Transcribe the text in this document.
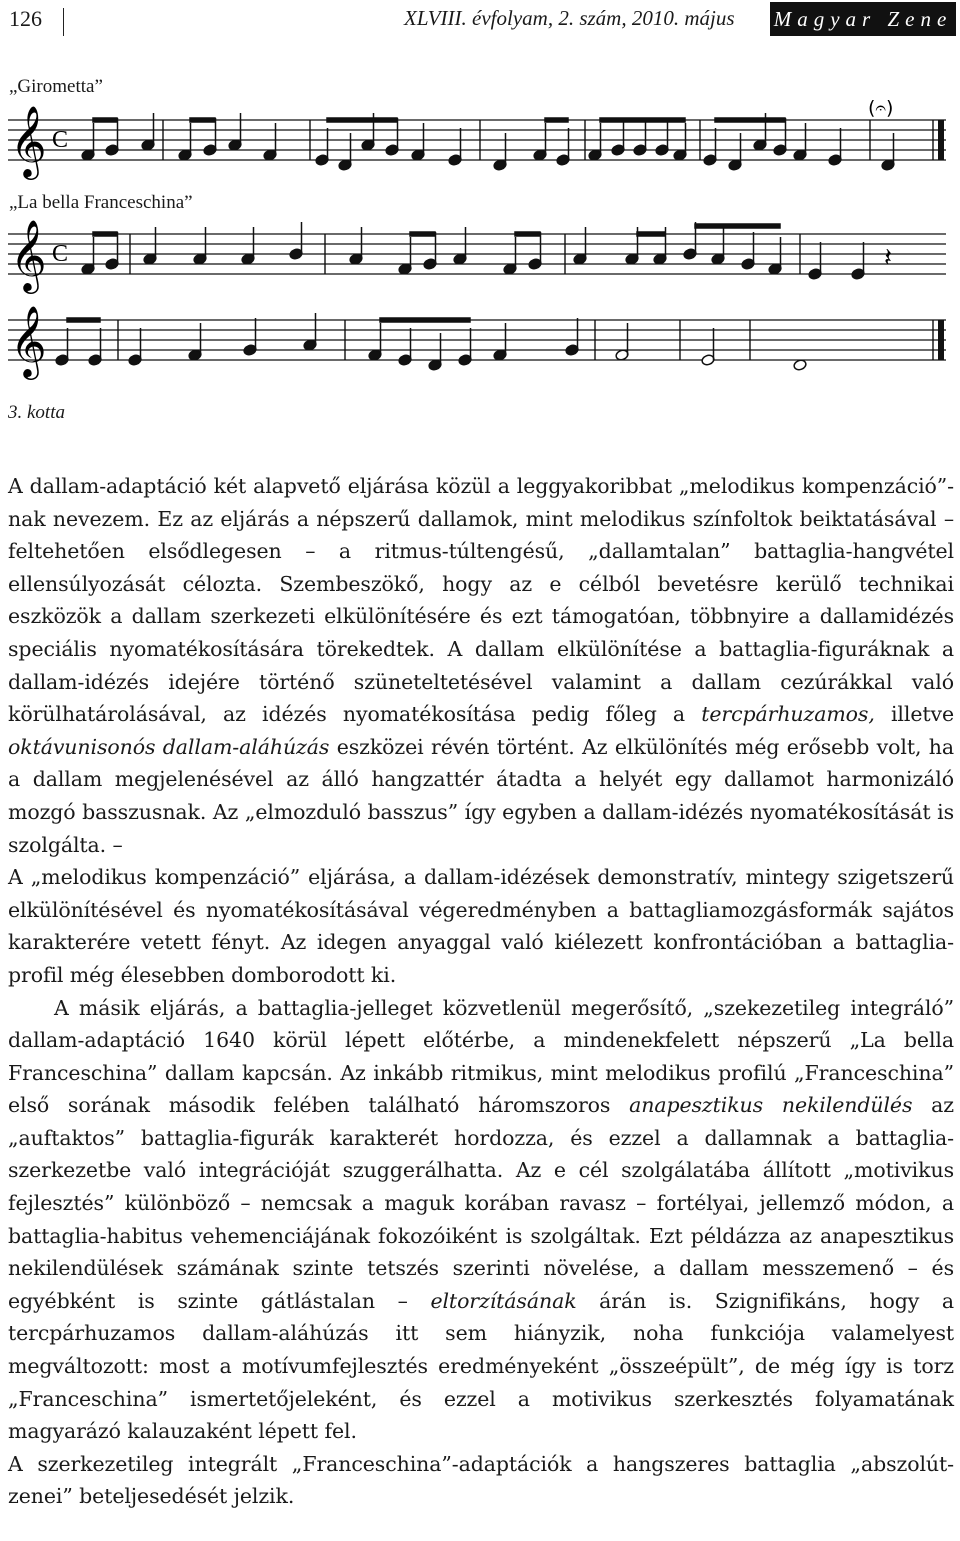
126	XLVIII. évfolyam, 2. szám, 2010. május Magyar Zene
„Girometta”
𝄞 C
(𝄐)
„La bella Franceschina”
𝄞 C	𝄽
𝄞
3. kotta

A dallam-adaptáció két alapvető eljárása közül a leggyakoribbat „melodikus kompenzáció”-nak nevezem. Ez az eljárás a népszerű dallamok, mint melodikus színfoltok beiktatásával – feltehetően elsődlegesen – a ritmus-túltengésű, „dallamtalan” battaglia-hangvétel ellensúlyozását célozta. Szembeszökő, hogy az e célból bevetésre kerülő technikai eszközök a dallam szerkezeti elkülönítésére és ezt támogatóan, többnyire a dallamidézés speciális nyomatékosítására törekedtek. A dallam elkülönítése a battaglia-figuráknak a dallam-idézés idejére történő szüneteltetésével valamint a dallam cezúrákkal való körülhatárolásával, az idézés nyomatékosítása pedig főleg a tercpárhuzamos, illetve oktávunisonós dallam-aláhúzás eszközei révén történt. Az elkülönítés még erősebb volt, ha a dallam megjelenésével az álló hangzattér átadta a helyét egy dallamot harmonizáló mozgó basszusnak. Az „elmozduló basszus” így egyben a dallam-idézés nyomatékosítását is szolgálta. –

A „melodikus kompenzáció” eljárása, a dallam-idézések demonstratív, mintegy szigetszerű elkülönítésével és nyomatékosításával végeredményben a battagliamozgásformák sajátos karakterére vetett fényt. Az idegen anyaggal való kiélezett konfrontációban a battaglia-profil még élesebben domborodott ki.

A másik eljárás, a battaglia-jelleget közvetlenül megerősítő, „szekezetileg integráló” dallam-adaptáció 1640 körül lépett előtérbe, a mindenekfelett népszerű „La bella Franceschina” dallam kapcsán. Az inkább ritmikus, mint melodikus profilú „Franceschina” első sorának második felében található háromszoros anapesztikus nekilendülés az „auftaktos” battaglia-figurák karakterét hordozza, és ezzel a dallamnak a battaglia-szerkezetbe való integrációját szuggerálhatta. Az e cél szolgálatába állított „motivikus fejlesztés” különböző – nemcsak a maguk korában ravasz – fortélyai, jellemző módon, a battaglia-habitus vehemenciájának fokozóiként is szolgáltak. Ezt példázza az anapesztikus nekilendülések számának szinte tetszés szerinti növelése, a dallam messzemenő – és egyébként is szinte gátlástalan – eltorzításának árán is. Szignifikáns, hogy a tercpárhuzamos dallam-aláhúzás itt sem hiányzik, noha funkciója valamelyest megváltozott: most a motívumfejlesztés eredményeként „összeépült”, de még így is torz „Franceschina” ismertetőjeleként, és ezzel a motivikus szerkesztés folyamatának magyarázó kalauzaként lépett fel.

A szerkezetileg integrált „Franceschina”-adaptációk a hangszeres battaglia „abszolút-zenei” beteljesedését jelzik.
